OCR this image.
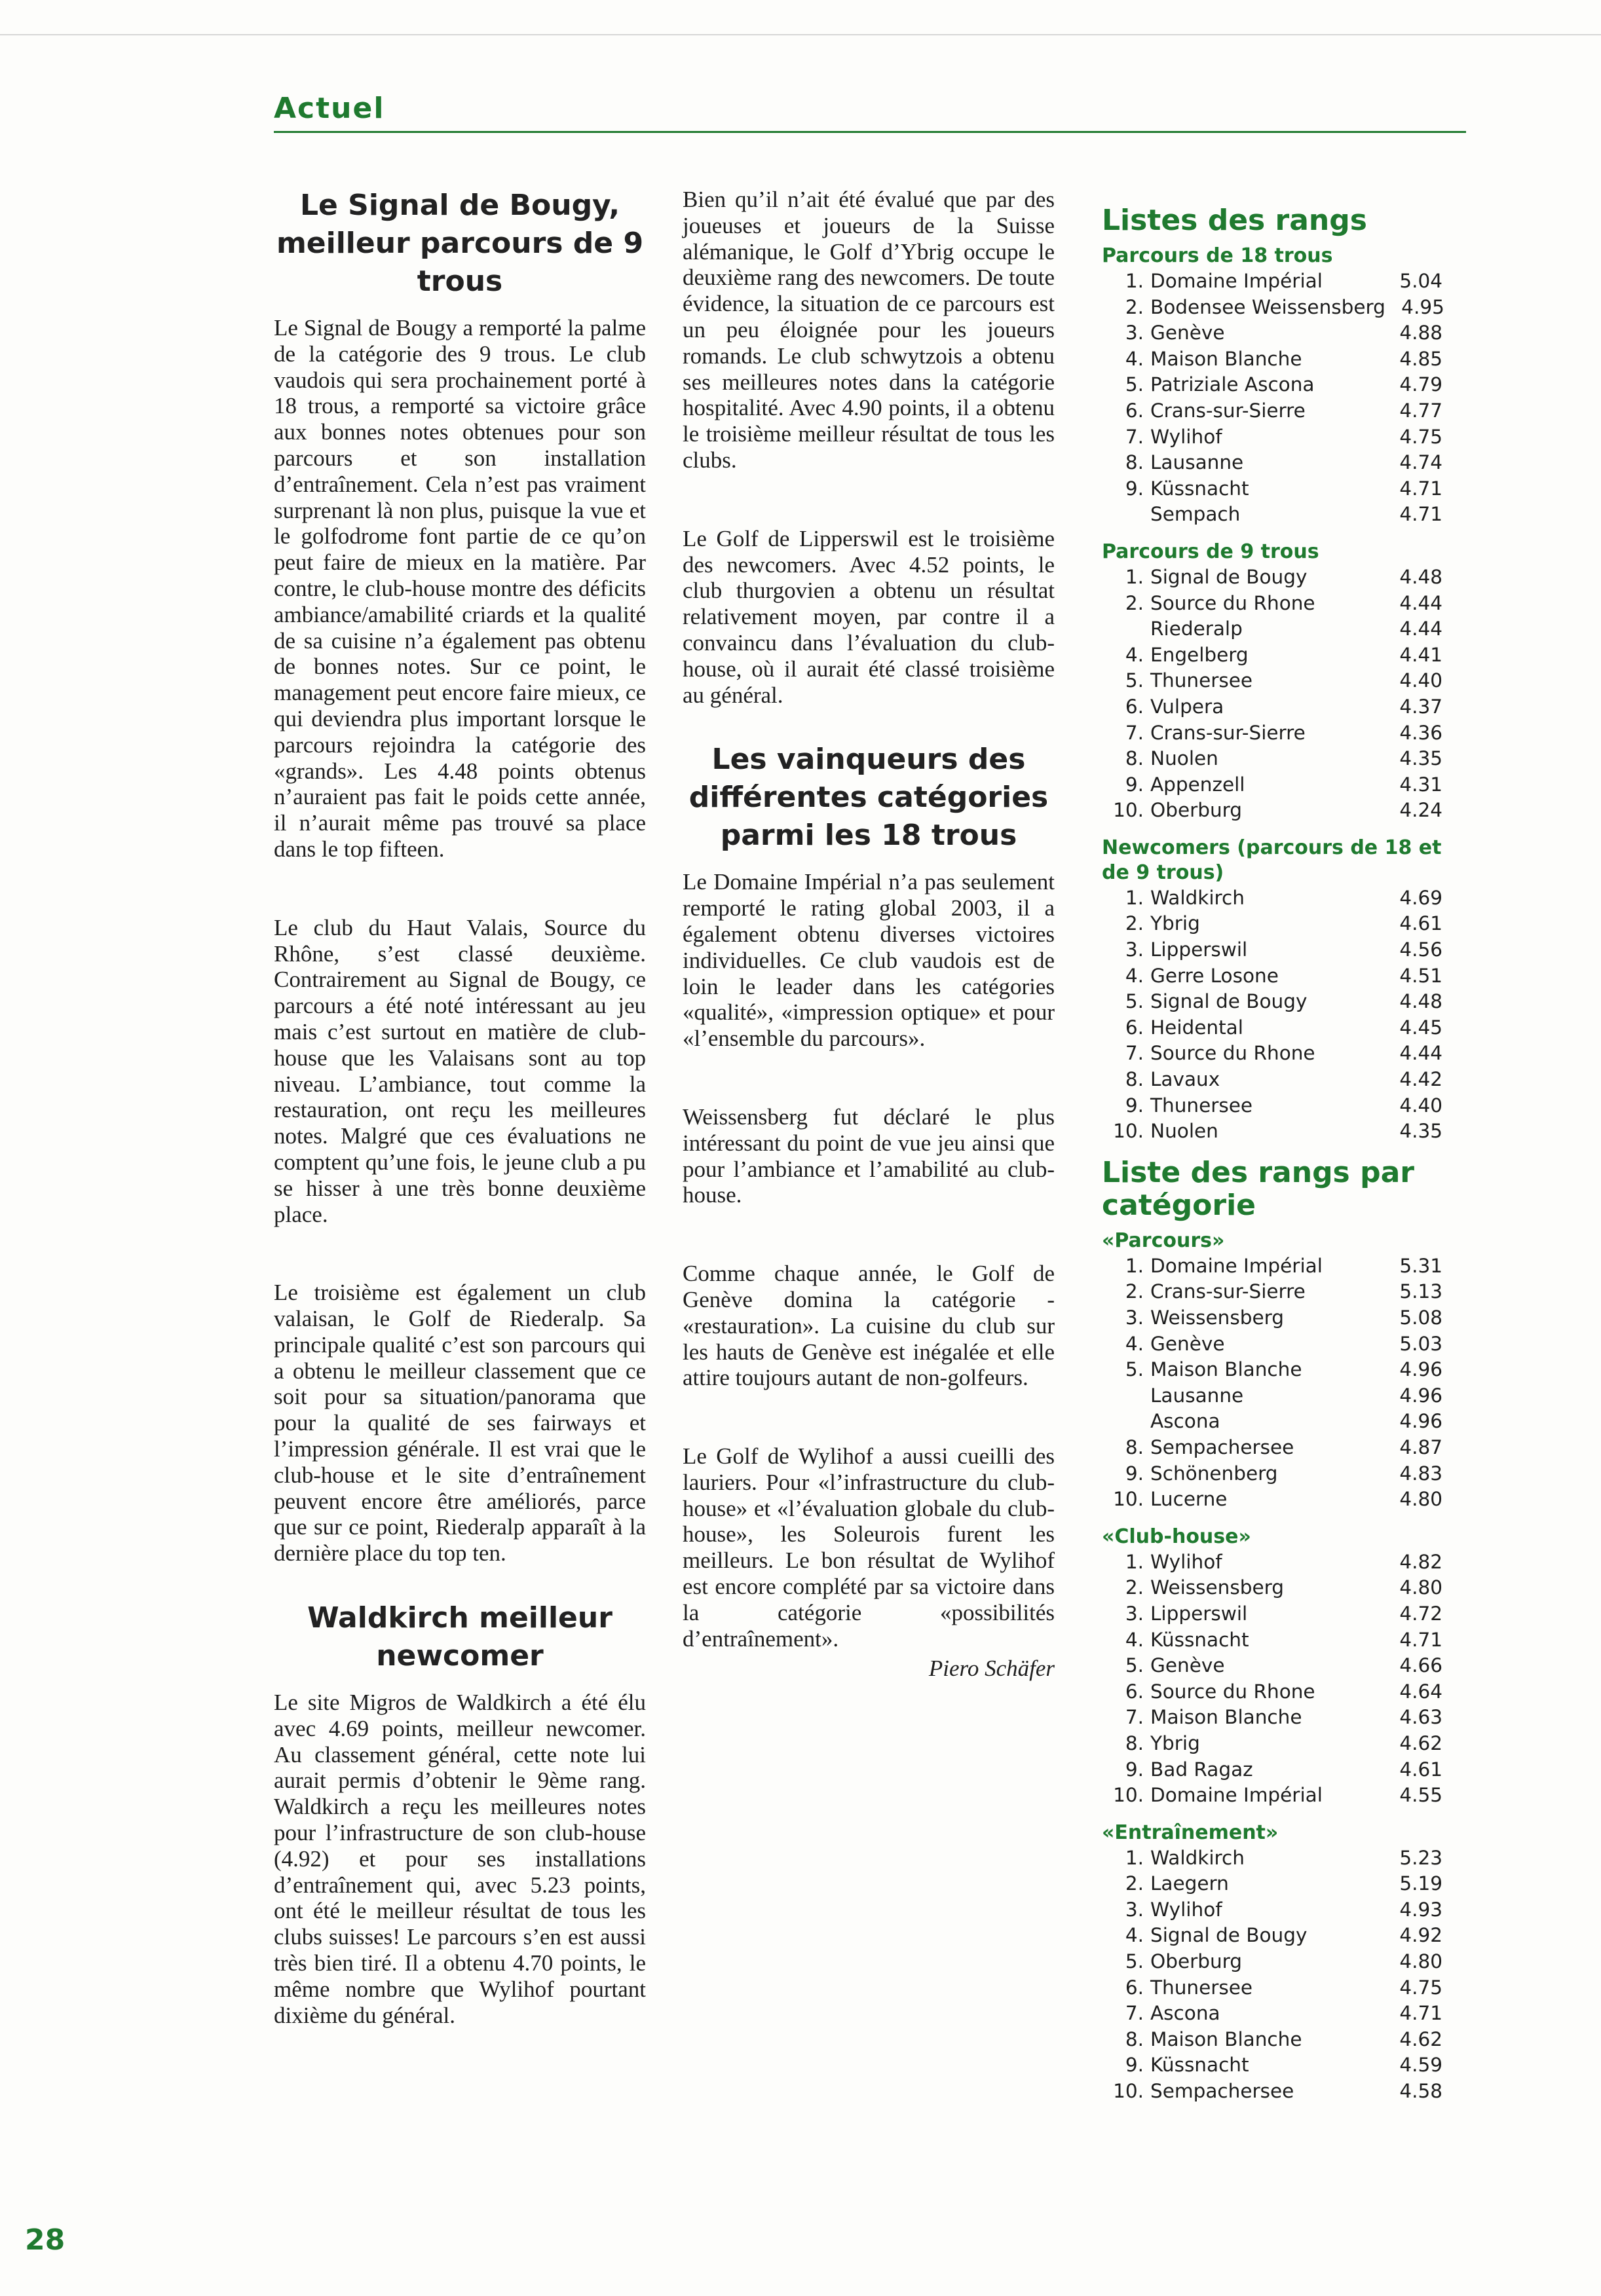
Actuel
Le Signal de Bougy, meilleur parcours de 9 trous

Le Signal de Bougy a remporté la palme de la catégorie des 9 trous. Le club vaudois qui sera prochainement porté à 18 trous, a remporté sa victoire grâce aux bonnes notes obtenues pour son parcours et son installation d’entraînement. Cela n’est pas vraiment surprenant là non plus, puisque la vue et le golfodrome font partie de ce qu’on peut faire de mieux en la matière. Par contre, le club-house montre des déficits ambiance/amabilité criards et la qualité de sa cuisine n’a également pas obtenu de bonnes notes. Sur ce point, le management peut encore faire mieux, ce qui deviendra plus important lorsque le parcours rejoindra la catégorie des «grands». Les 4.48 points obtenus n’auraient pas fait le poids cette année, il n’aurait même pas trouvé sa place dans le top fifteen.

Le club du Haut Valais, Source du Rhône, s’est classé deuxième. Contrairement au Signal de Bougy, ce parcours a été noté intéressant au jeu mais c’est surtout en matière de club-house que les Valaisans sont au top niveau. L’ambiance, tout comme la restauration, ont reçu les meilleures notes. Malgré que ces évaluations ne comptent qu’une fois, le jeune club a pu se hisser à une très bonne deuxième place.

Le troisième est également un club valaisan, le Golf de Riederalp. Sa principale qualité c’est son parcours qui a obtenu le meilleur classement que ce soit pour sa situation/panorama que pour la qualité de ses fairways et l’impression générale. Il est vrai que le club-house et le site d’entraînement peuvent encore être améliorés, parce que sur ce point, Riederalp apparaît à la dernière place du top ten.

Waldkirch meilleur newcomer

Le site Migros de Waldkirch a été élu avec 4.69 points, meilleur newcomer. Au classement général, cette note lui aurait permis d’obtenir le 9ème rang. Waldkirch a reçu les meilleures notes pour l’infrastructure de son club-house (4.92) et pour ses installations d’entraînement qui, avec 5.23 points, ont été le meilleur résultat de tous les clubs suisses! Le parcours s’en est aussi très bien tiré. Il a obtenu 4.70 points, le même nombre que Wylihof pourtant dixième du général.

Bien qu’il n’ait été évalué que par des joueuses et joueurs de la Suisse alémanique, le Golf d’Ybrig occupe le deuxième rang des newcomers. De toute évidence, la situation de ce parcours est un peu éloignée pour les joueurs romands. Le club schwytzois a obtenu ses meilleures notes dans la catégorie hospitalité. Avec 4.90 points, il a obtenu le troisième meilleur résultat de tous les clubs.

Le Golf de Lipperswil est le troisième des newcomers. Avec 4.52 points, le club thurgovien a obtenu un résultat relativement moyen, par contre il a convaincu dans l’évaluation du club-house, où il aurait été classé troisième au général.

Les vainqueurs des différentes catégories parmi les 18 trous

Le Domaine Impérial n’a pas seulement remporté le rating global 2003, il a également obtenu diverses victoires individuelles. Ce club vaudois est de loin le leader dans les catégories «qualité», «impression optique» et pour «l’ensemble du parcours».

Weissensberg fut déclaré le plus intéressant du point de vue jeu ainsi que pour l’ambiance et l’amabilité au club-house.

Comme chaque année, le Golf de Genève domina la catégorie - «restauration». La cuisine du club sur les hauts de Genève est inégalée et elle attire toujours autant de non-golfeurs.

Le Golf de Wylihof a aussi cueilli des lauriers. Pour «l’infrastructure du club-house» et «l’évaluation globale du club-house», les Soleurois furent les meilleurs. Le bon résultat de Wylihof est encore complété par sa victoire dans la catégorie «possibilités d’entraînement».

Piero Schäfer
Listes des rangs
Parcours de 18 trous
1. Domaine Impérial	5.04
2. Bodensee Weissensberg 4.95
3. Genève	4.88
4. Maison Blanche	4.85
5. Patriziale Ascona	4.79
6. Crans-sur-Sierre	4.77
7. Wylihof	4.75
8. Lausanne	4.74
9. Küssnacht	4.71
Sempach	4.71
Parcours de 9 trous
1. Signal de Bougy	4.48
2. Source du Rhone	4.44
Riederalp	4.44
4. Engelberg	4.41
5. Thunersee	4.40
6. Vulpera	4.37
7. Crans-sur-Sierre	4.36
8. Nuolen	4.35
9. Appenzell	4.31
10. Oberburg	4.24
Newcomers (parcours de 18 et de 9 trous)
1. Waldkirch	4.69
2. Ybrig	4.61
3. Lipperswil	4.56
4. Gerre Losone	4.51
5. Signal de Bougy	4.48
6. Heidental	4.45
7. Source du Rhone	4.44
8. Lavaux	4.42
9. Thunersee	4.40
10. Nuolen	4.35
Liste des rangs par catégorie
«Parcours»
1. Domaine Impérial	5.31
2. Crans-sur-Sierre	5.13
3. Weissensberg	5.08
4. Genève	5.03
5. Maison Blanche	4.96
Lausanne	4.96
Ascona	4.96
8. Sempachersee	4.87
9. Schönenberg	4.83
10. Lucerne	4.80
«Club-house»
1. Wylihof	4.82
2. Weissensberg	4.80
3. Lipperswil	4.72
4. Küssnacht	4.71
5. Genève	4.66
6. Source du Rhone	4.64
7. Maison Blanche	4.63
8. Ybrig	4.62
9. Bad Ragaz	4.61
10. Domaine Impérial	4.55
«Entraînement»
1. Waldkirch	5.23
2. Laegern	5.19
3. Wylihof	4.93
4. Signal de Bougy	4.92
5. Oberburg	4.80
6. Thunersee	4.75
7. Ascona	4.71
8. Maison Blanche	4.62
9. Küssnacht	4.59
10. Sempachersee	4.58
28
